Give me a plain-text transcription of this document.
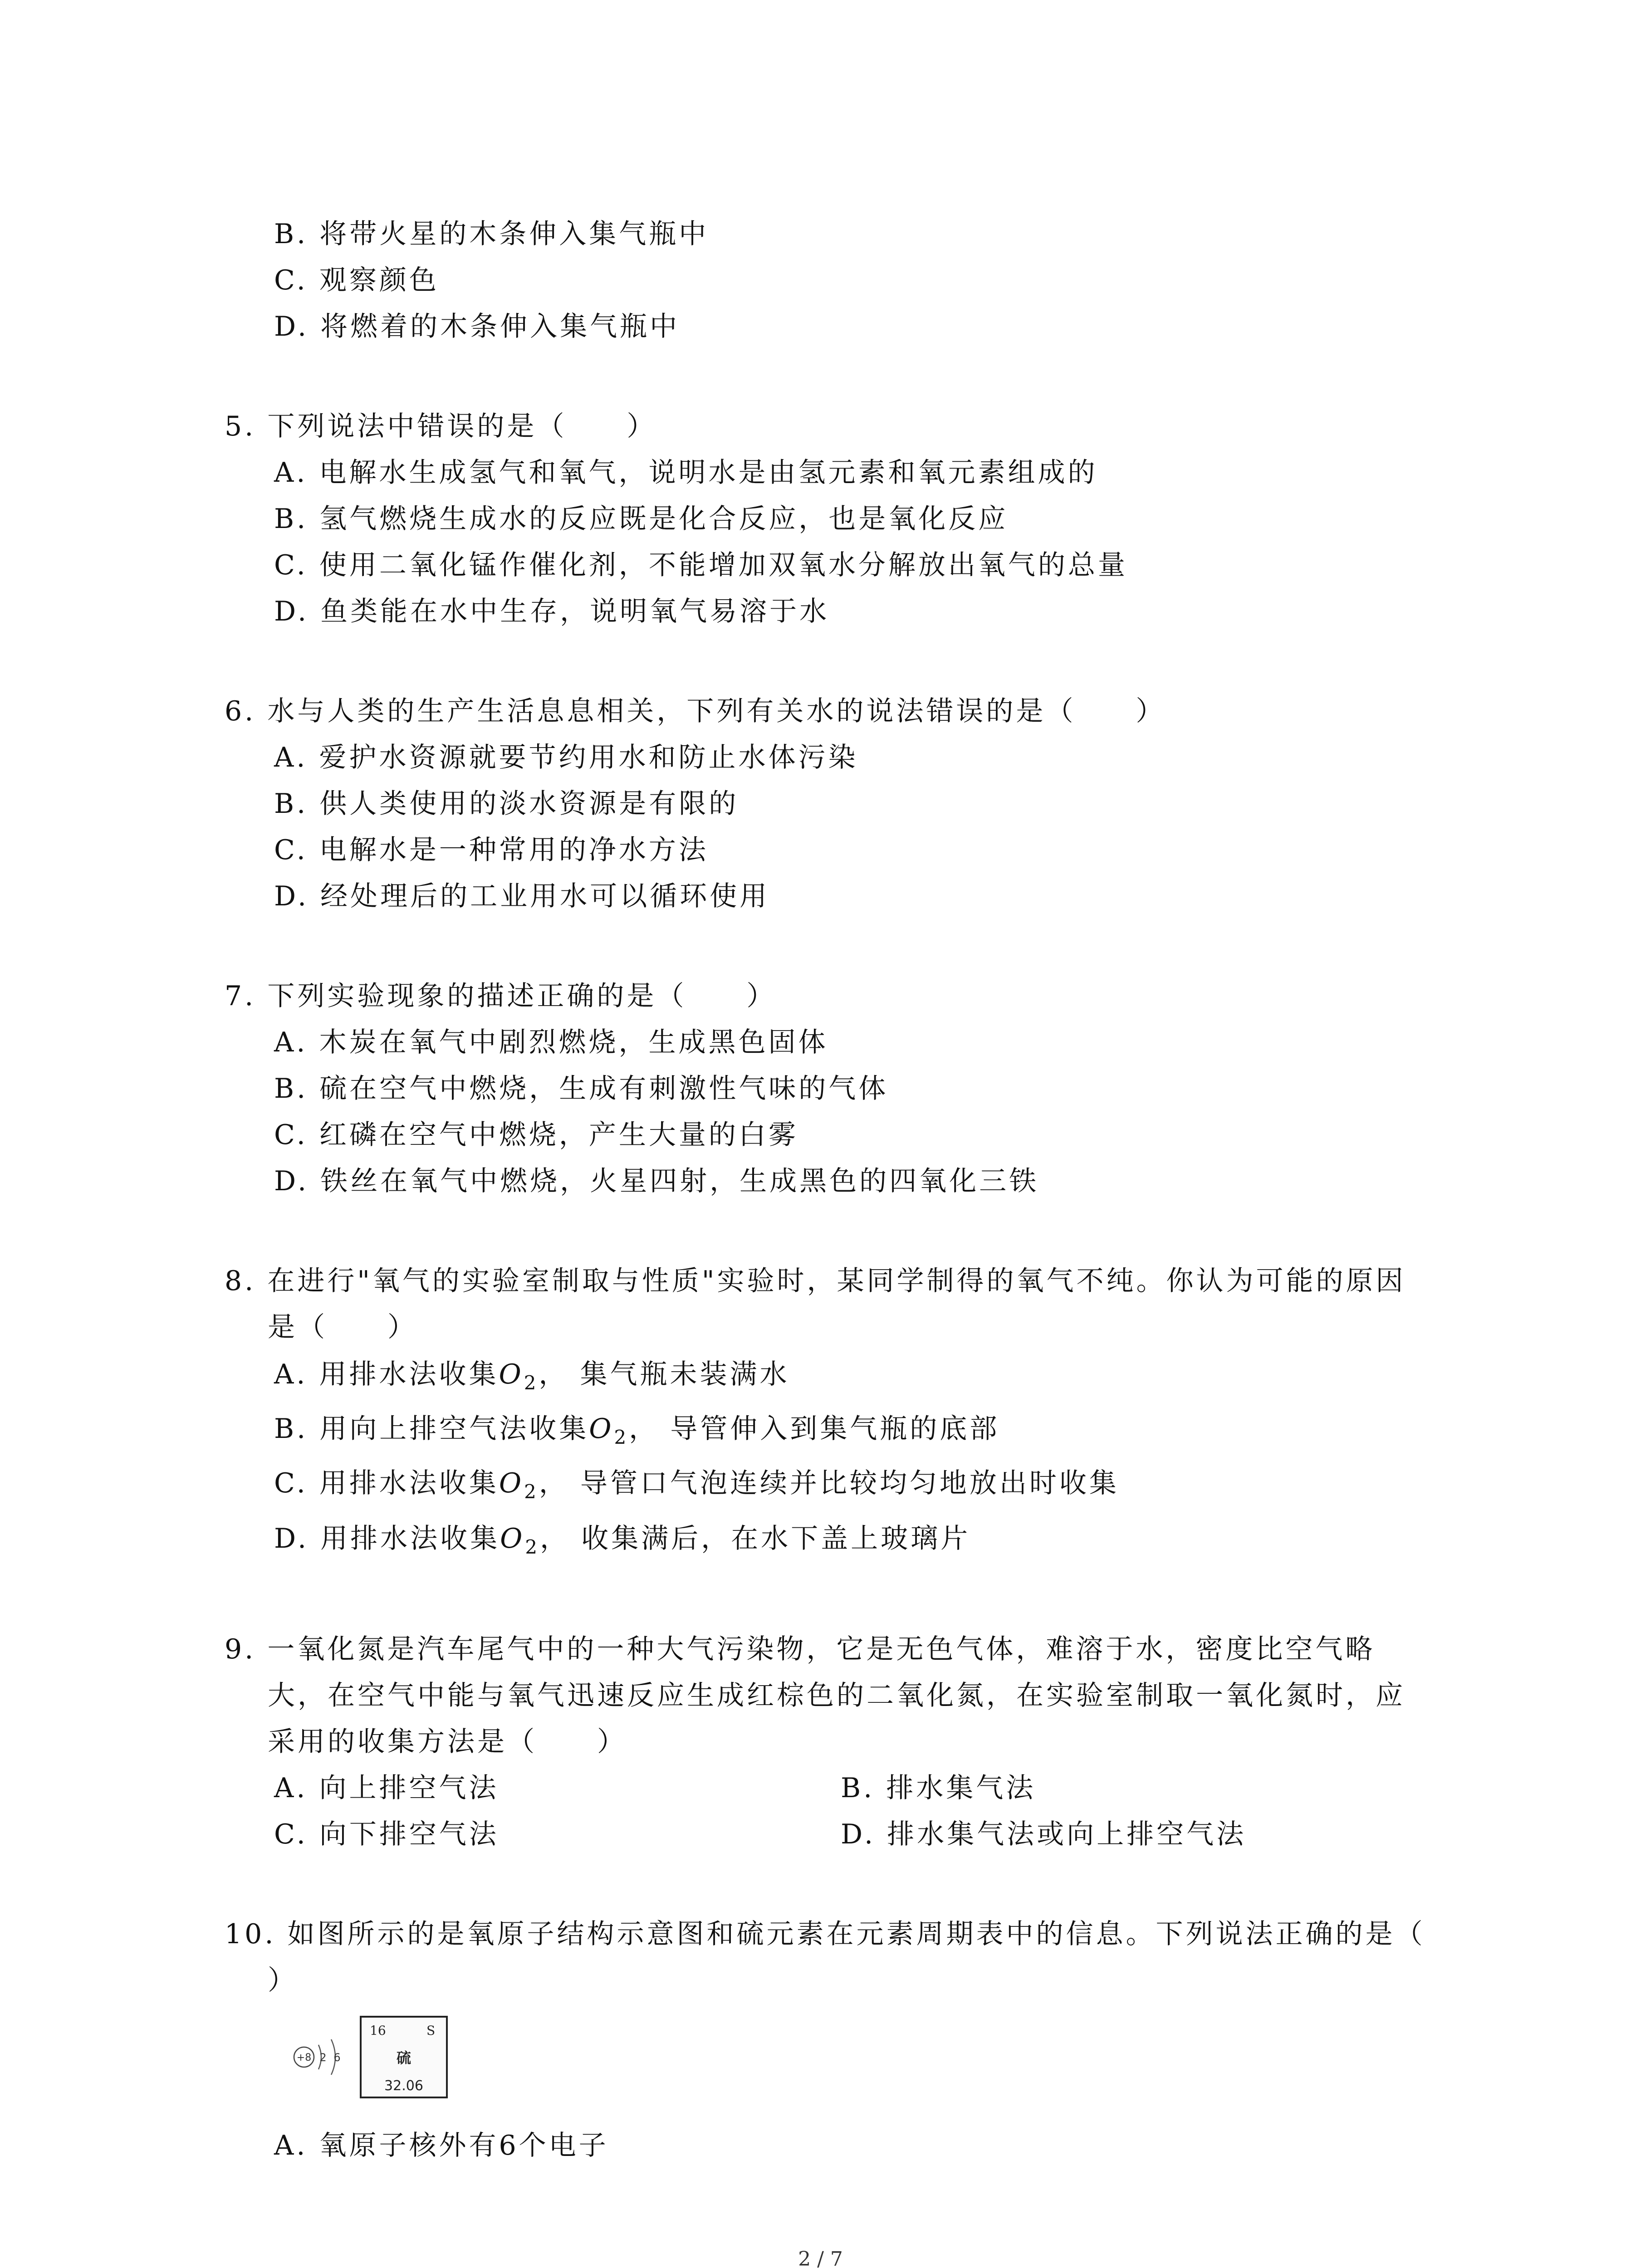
B. 将带火星的木条伸入集气瓶中
C. 观察颜色
D. 将燃着的木条伸入集气瓶中
5. 下列说法中错误的是（　　）
A. 电解水生成氢气和氧气，说明水是由氢元素和氧元素组成的
B. 氢气燃烧生成水的反应既是化合反应，也是氧化反应
C. 使用二氧化锰作催化剂，不能增加双氧水分解放出氧气的总量
D. 鱼类能在水中生存，说明氧气易溶于水
6. 水与人类的生产生活息息相关，下列有关水的说法错误的是（　　）
A. 爱护水资源就要节约用水和防止水体污染
B. 供人类使用的淡水资源是有限的
C. 电解水是一种常用的净水方法
D. 经处理后的工业用水可以循环使用
7. 下列实验现象的描述正确的是（　　）
A. 木炭在氧气中剧烈燃烧，生成黑色固体
B. 硫在空气中燃烧，生成有刺激性气味的气体
C. 红磷在空气中燃烧，产生大量的白雾
D. 铁丝在氧气中燃烧，火星四射，生成黑色的四氧化三铁
8. 在进行"氧气的实验室制取与性质"实验时，某同学制得的氧气不纯。你认为可能的原因
是（　　）
A. 用排水法收集$O_2$， 集气瓶未装满水
B. 用向上排空气法收集$O_2$， 导管伸入到集气瓶的底部
C. 用排水法收集$O_2$， 导管口气泡连续并比较均匀地放出时收集
D. 用排水法收集$O_2$， 收集满后，在水下盖上玻璃片
9. 一氧化氮是汽车尾气中的一种大气污染物，它是无色气体，难溶于水，密度比空气略
大，在空气中能与氧气迅速反应生成红棕色的二氧化氮，在实验室制取一氧化氮时，应
采用的收集方法是（　　）
A. 向上排空气法	B. 排水集气法
C. 向下排空气法	D. 排水集气法或向上排空气法
10. 如图所示的是氧原子结构示意图和硫元素在元素周期表中的信息。下列说法正确的是（
）
+8 2 6
16	S
硫
32.06
A. 氧原子核外有6个电子
2 / 7
